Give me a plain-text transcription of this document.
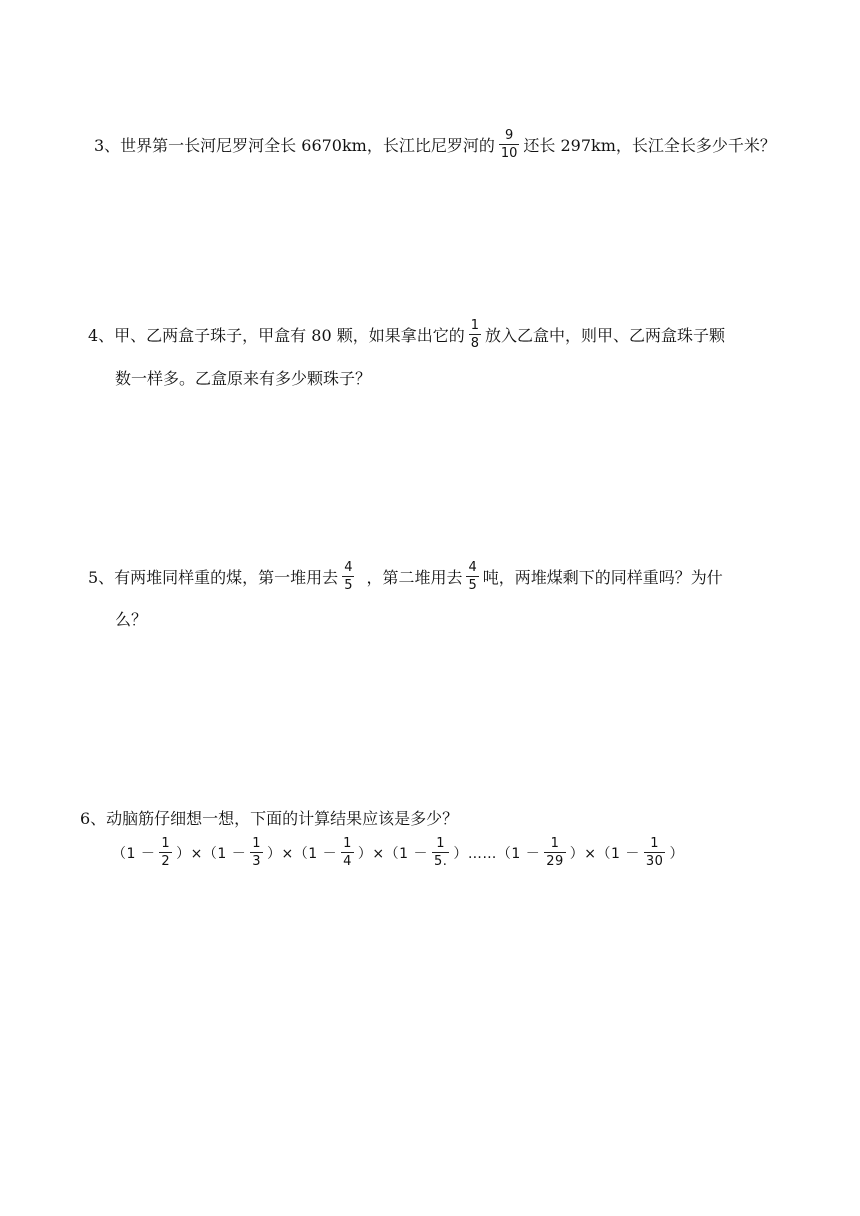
3、世界第一长河尼罗河全长 6670km，长江比尼罗河的 $\frac{9}{10}$ 还长 297km，长江全长多少千米？
4、甲、乙两盒子珠子，甲盒有 80 颗，如果拿出它的 $\frac{1}{8}$ 放入乙盒中，则甲、乙两盒珠子颗
数一样多。乙盒原来有多少颗珠子？
5、有两堆同样重的煤，第一堆用去 $\frac{4}{5}$ ，第二堆用去 $\frac{4}{5}$ 吨，两堆煤剩下的同样重吗？为什
么？
6、动脑筋仔细想一想，下面的计算结果应该是多少？
$(1 - \frac{1}{2} )\times(1 - \frac{1}{3} )\times(1 - \frac{1}{4} )\times(1 - \frac{1}{5.}$ ）……（1 － $\frac{1}{29} )\times(1 - \frac{1}{30}$ ）
